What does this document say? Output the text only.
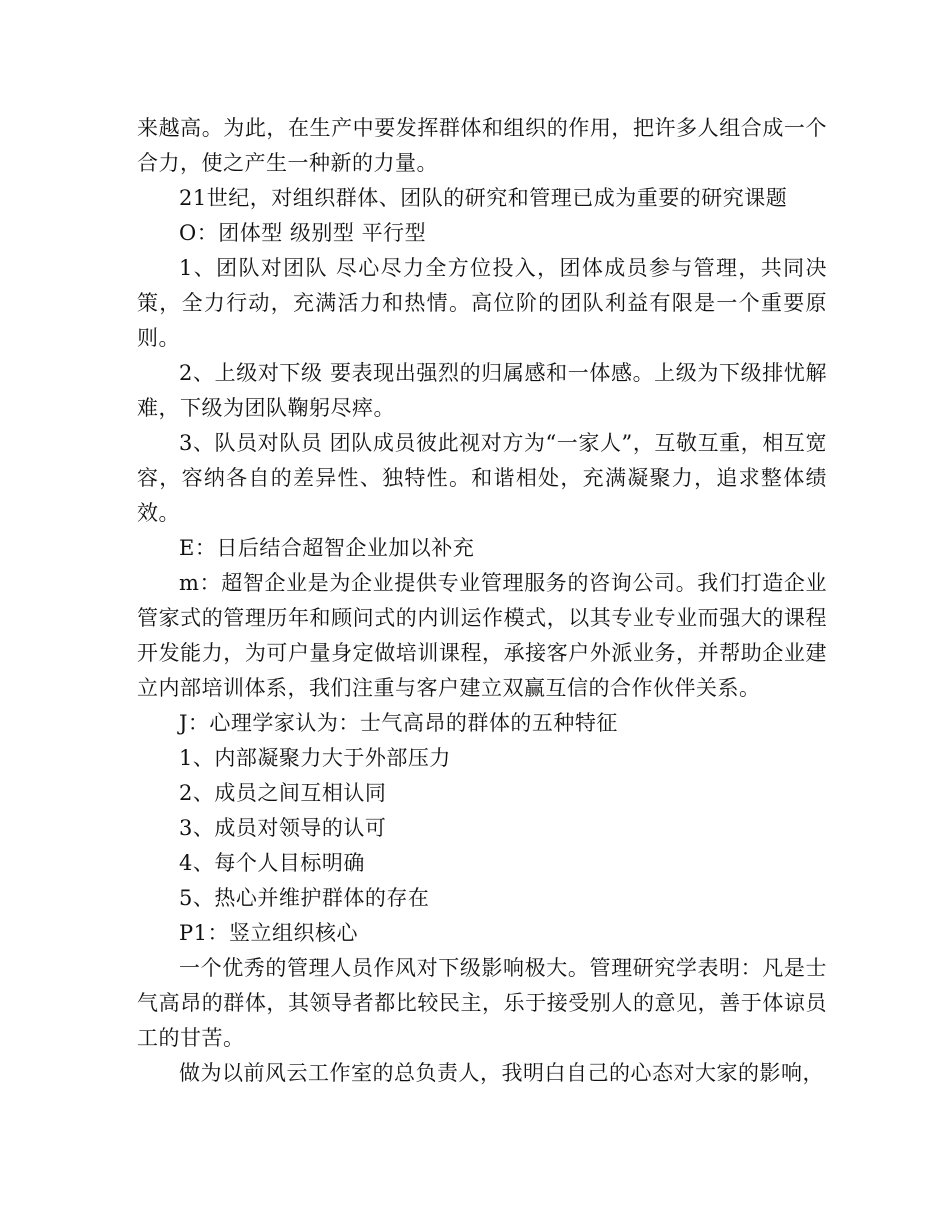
来越高。为此，在生产中要发挥群体和组织的作用，把许多人组合成一个合力，使之产生一种新的力量。

21世纪，对组织群体、团队的研究和管理已成为重要的研究课题

O：团体型 级别型 平行型

1、团队对团队 尽心尽力全方位投入，团体成员参与管理，共同决策，全力行动，充满活力和热情。高位阶的团队利益有限是一个重要原则。

2、上级对下级 要表现出强烈的归属感和一体感。上级为下级排忧解难，下级为团队鞠躬尽瘁。

3、队员对队员 团队成员彼此视对方为“一家人”，互敬互重，相互宽容，容纳各自的差异性、独特性。和谐相处，充满凝聚力，追求整体绩效。

E：日后结合超智企业加以补充

m：超智企业是为企业提供专业管理服务的咨询公司。我们打造企业管家式的管理历年和顾问式的内训运作模式，以其专业专业而强大的课程开发能力，为可户量身定做培训课程，承接客户外派业务，并帮助企业建立内部培训体系，我们注重与客户建立双赢互信的合作伙伴关系。

J：心理学家认为：士气高昂的群体的五种特征

1、内部凝聚力大于外部压力

2、成员之间互相认同

3、成员对领导的认可

4、每个人目标明确

5、热心并维护群体的存在

P1：竖立组织核心

一个优秀的管理人员作风对下级影响极大。管理研究学表明：凡是士气高昂的群体，其领导者都比较民主，乐于接受别人的意见，善于体谅员工的甘苦。

做为以前风云工作室的总负责人，我明白自己的心态对大家的影响，
